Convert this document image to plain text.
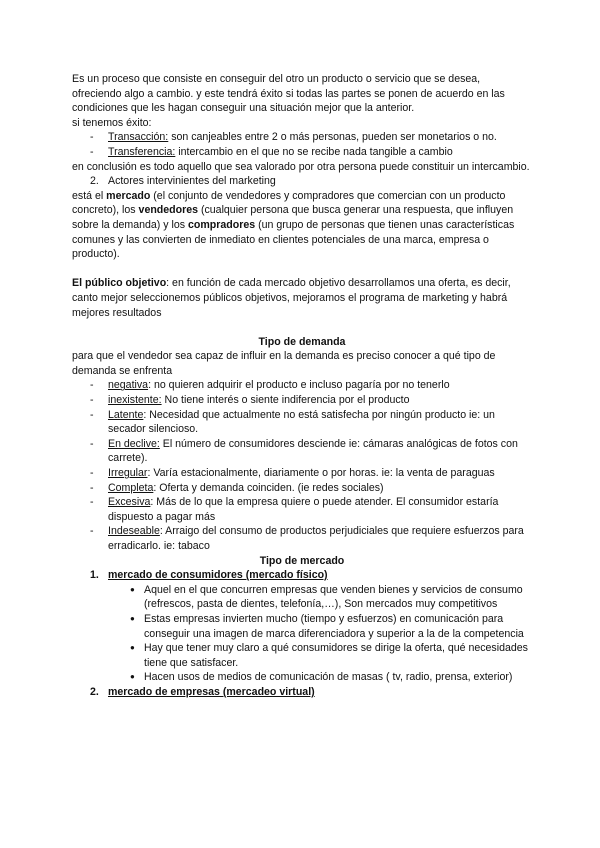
Es un proceso que consiste en conseguir del otro un producto o servicio que se desea, ofreciendo algo a cambio. y este tendrá éxito si todas las partes se ponen de acuerdo en las condiciones que les hagan conseguir una situación mejor que la anterior.

si tenemos éxito:

- Transacción: son canjeables entre 2 o más personas, pueden ser monetarios o no.
- Transferencia: intercambio en el que no se recibe nada tangible a cambio

en conclusión es todo aquello que sea valorado por otra persona puede constituir un intercambio.

2. Actores intervinientes del marketing

está el mercado (el conjunto de vendedores y compradores que comercian con un producto concreto), los vendedores (cualquier persona que busca generar una respuesta, que influyen sobre la demanda) y los compradores (un grupo de personas que tienen unas características comunes y las convierten de inmediato en clientes potenciales de una marca, empresa o producto).

El público objetivo: en función de cada mercado objetivo desarrollamos una oferta, es decir, canto mejor seleccionemos públicos objetivos, mejoramos el programa de marketing y habrá mejores resultados

Tipo de demanda

para que el vendedor sea capaz de influir en la demanda es preciso conocer a qué tipo de demanda se enfrenta

- negativa: no quieren adquirir el producto e incluso pagaría por no tenerlo
- inexistente: No tiene interés o siente indiferencia por el producto
- Latente: Necesidad que actualmente no está satisfecha por ningún producto ie: un secador silencioso.
- En declive: El número de consumidores desciende ie: cámaras analógicas de fotos con carrete).
- Irregular: Varía estacionalmente, diariamente o por horas. ie: la venta de paraguas
- Completa: Oferta y demanda coinciden. (ie redes sociales)
- Excesiva: Más de lo que la empresa quiere o puede atender. El consumidor estaría dispuesto a pagar más
- Indeseable: Arraigo del consumo de productos perjudiciales que requiere esfuerzos para erradicarlo. ie: tabaco

Tipo de mercado

1. mercado de consumidores (mercado físico)
● Aquel en el que concurren empresas que venden bienes y servicios de consumo (refrescos, pasta de dientes, telefonía,…), Son mercados muy competitivos
● Estas empresas invierten mucho (tiempo y esfuerzos) en comunicación para conseguir una imagen de marca diferenciadora y superior a la de la competencia
● Hay que tener muy claro a qué consumidores se dirige la oferta, qué necesidades tiene que satisfacer.
● Hacen usos de medios de comunicación de masas ( tv, radio, prensa, exterior)
2. mercado de empresas (mercadeo virtual)
